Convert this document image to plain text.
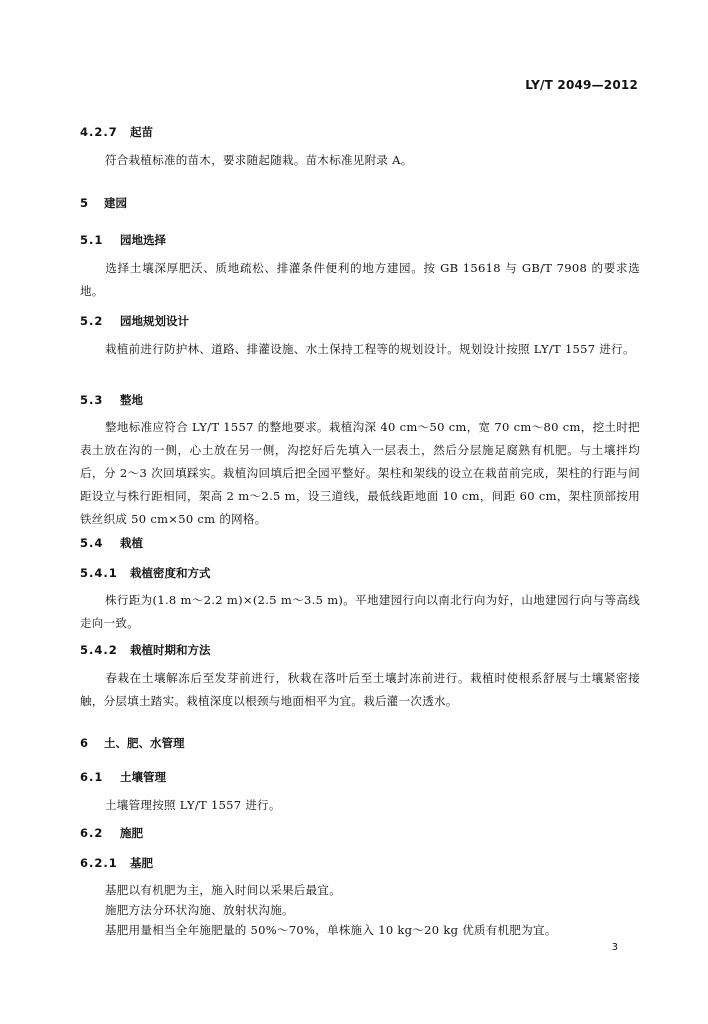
LY/T 2049—2012
4.2.7 起苗
符合栽植标准的苗木，要求随起随栽。苗木标准见附录 A。
5 建园
5.1 园地选择
选择土壤深厚肥沃、质地疏松、排灌条件便利的地方建园。按 GB 15618 与 GB/T 7908 的要求选地。
5.2 园地规划设计
栽植前进行防护林、道路、排灌设施、水土保持工程等的规划设计。规划设计按照 LY/T 1557 进行。
5.3 整地
整地标准应符合 LY/T 1557 的整地要求。栽植沟深 40 cm～50 cm，宽 70 cm～80 cm，挖土时把表土放在沟的一侧，心土放在另一侧，沟挖好后先填入一层表土，然后分层施足腐熟有机肥。与土壤拌均后，分 2～3 次回填踩实。栽植沟回填后把全园平整好。架柱和架线的设立在栽苗前完成，架柱的行距与间距设立与株行距相同，架高 2 m～2.5 m，设三道线，最低线距地面 10 cm，间距 60 cm，架柱顶部按用铁丝织成 50 cm×50 cm 的网格。
5.4 栽植
5.4.1 栽植密度和方式
株行距为(1.8 m～2.2 m)×(2.5 m～3.5 m)。平地建园行向以南北行向为好，山地建园行向与等高线走向一致。
5.4.2 栽植时期和方法
春栽在土壤解冻后至发芽前进行，秋栽在落叶后至土壤封冻前进行。栽植时使根系舒展与土壤紧密接触，分层填土踏实。栽植深度以根颈与地面相平为宜。栽后灌一次透水。
6 土、肥、水管理
6.1 土壤管理
土壤管理按照 LY/T 1557 进行。
6.2 施肥
6.2.1 基肥
基肥以有机肥为主，施入时间以采果后最宜。
施肥方法分环状沟施、放射状沟施。
基肥用量相当全年施肥量的 50%～70%，单株施入 10 kg～20 kg 优质有机肥为宜。
3
